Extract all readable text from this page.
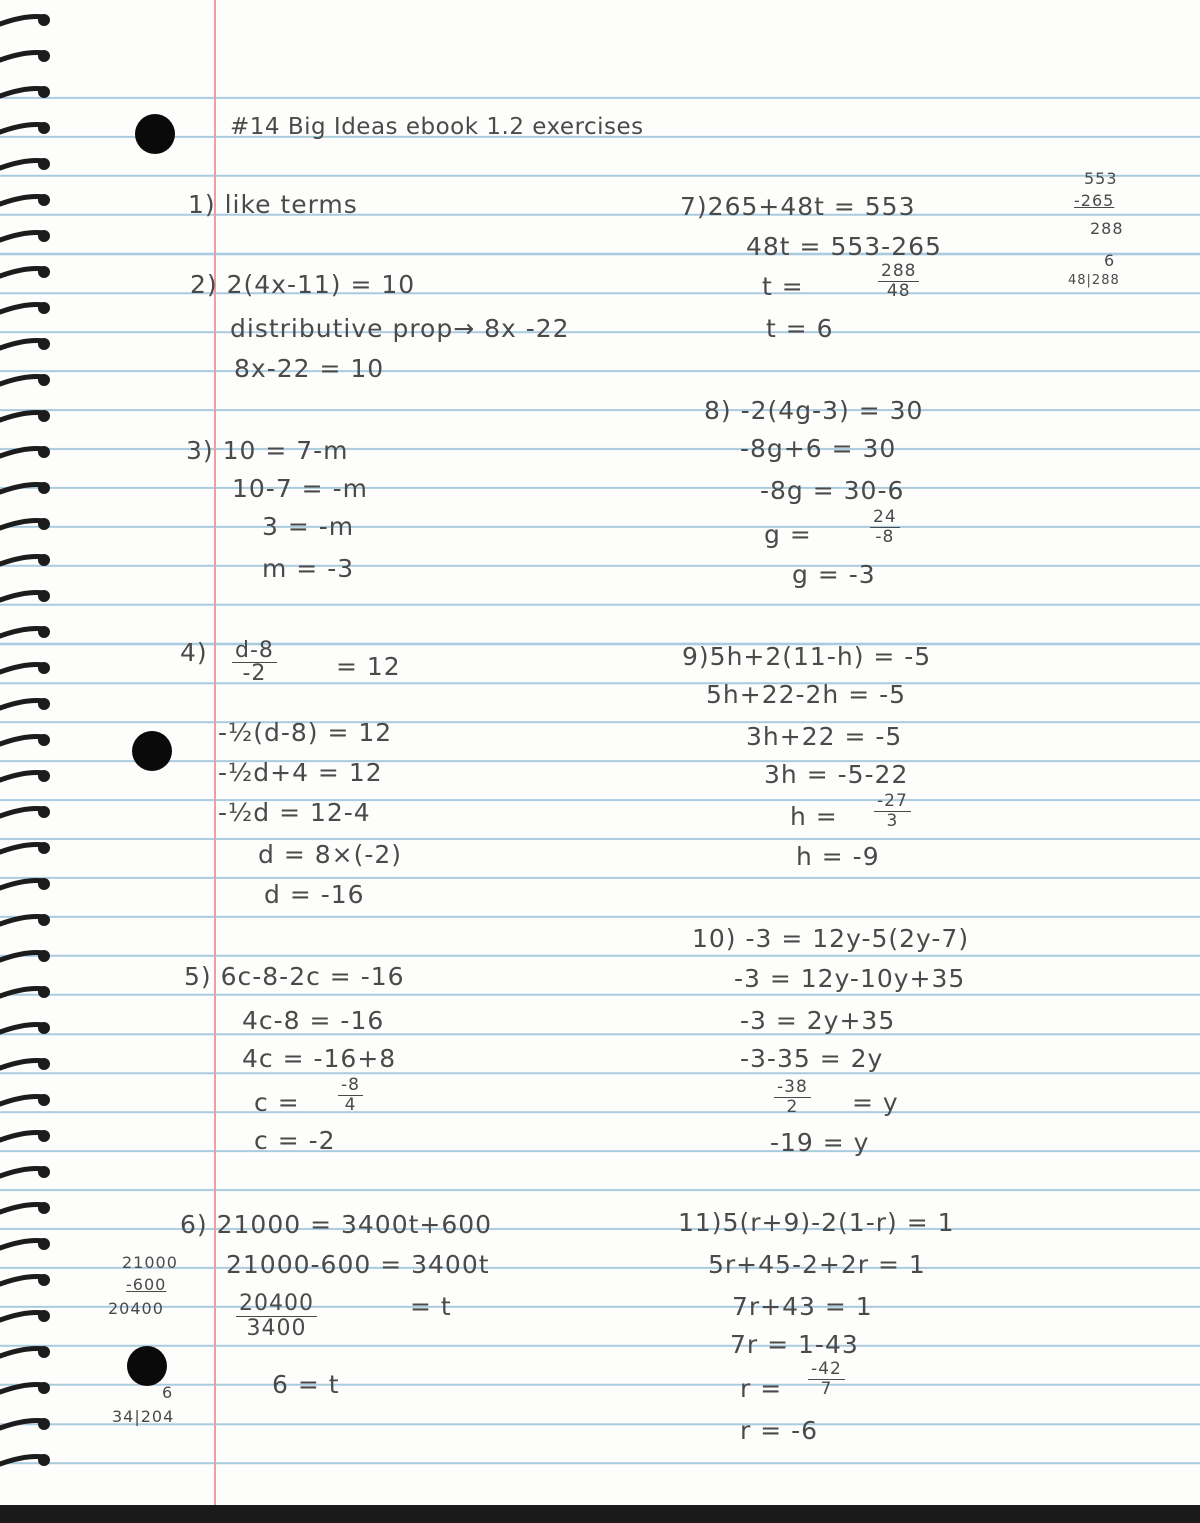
#14 Big Ideas ebook 1.2 exercises
1) like terms
2) 2(4x-11) = 10
distributive prop→ 8x -22
8x-22 = 10
3) 10 = 7-m
10-7 = -m
3 = -m
m = -3
$4) \frac{d-8}{-2} = 12$
-½(d-8) = 12
-½d+4 = 12
-½d = 12-4
d = 8×(-2)
d = -16
5) 6c-8-2c = -16
4c-8 = -16
4c = -16+8
$c = \frac{-8}{4}$
c = -2
6) 21000 = 3400t+600
21000-600 = 3400t
$\frac{20400}{3400}$	= t
6 = t
21000
-600
20400
6
34|204
7)265+48t = 553
48t = 553-265
t =	$\frac{288}{48}$
t = 6
553
-265
288
6
48|288
8) -2(4g-3) = 30
-8g+6 = 30
-8g = 30-6
g =	$\frac{24}{-8}$
g = -3
9)5h+2(11-h) = -5
5h+22-2h = -5
3h+22 = -5
3h = -5-22
$h = \frac{-27}{3}$
h = -9
10) -3 = 12y-5(2y-7)
-3 = 12y-10y+35
-3 = 2y+35
-3-35 = 2y
$\frac{-38}{2} = y$
-19 = y
11)5(r+9)-2(1-r) = 1
5r+45-2+2r = 1
7r+43 = 1
7r = 1-43
$r = \frac{-42}{7}$
r = -6
